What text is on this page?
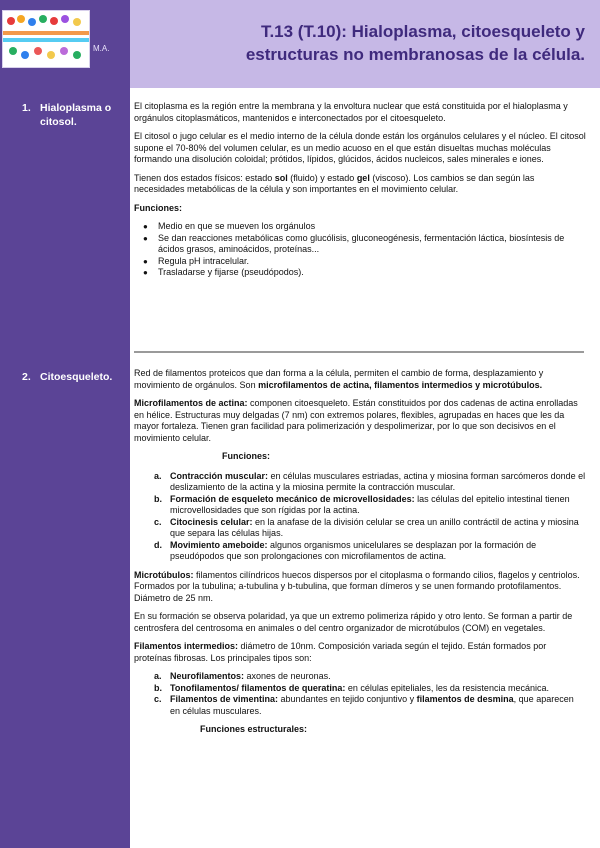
M.A.
T.13 (T.10): Hialoplasma, citoesqueleto y
estructuras no membranosas de la célula.
1. Hialoplasma o citosol.

El citoplasma es la región entre la membrana y la envoltura nuclear que está constituida por el hialoplasma y orgánulos citoplasmáticos, mantenidos e interconectados por el citoesqueleto.

El citosol o jugo celular es el medio interno de la célula donde están los orgánulos celulares y el núcleo. El citosol supone el 70-80% del volumen celular, es un medio acuoso en el que están disueltas muchas moléculas formando una disolución coloidal; prótidos, lípidos, glúcidos, ácidos nucleicos, sales minerales e iones.

Tienen dos estados físicos: estado sol (fluido) y estado gel (viscoso). Los cambios se dan según las necesidades metabólicas de la célula y son importantes en el movimiento celular.

Funciones:

● Medio en que se mueven los orgánulos
● Se dan reacciones metabólicas como glucólisis, gluconeogénesis, fermentación láctica, biosíntesis de ácidos grasos, aminoácidos, proteínas...
● Regula pH intracelular.
● Trasladarse y fijarse (pseudópodos).
2. Citoesqueleto.	Red de filamentos proteicos que dan forma a la célula, permiten el cambio de forma, desplazamiento y movimiento de orgánulos. Son microfilamentos de actina, filamentos intermedios y microtúbulos.

Microfilamentos de actina: componen citoesqueleto. Están constituidos por dos cadenas de actina enrolladas en hélice. Estructuras muy delgadas (7 nm) con extremos polares, flexibles, agrupadas en haces que les da mayor fortaleza. Tienen gran facilidad para polimerización y despolimerizar, por lo que son decisivos en el movimiento celular.

Funciones:

a. Contracción muscular: en células musculares estriadas, actina y miosina forman sarcómeros donde el deslizamiento de la actina y la miosina permite la contracción muscular.
b. Formación de esqueleto mecánico de microvellosidades: las células del epitelio intestinal tienen microvellosidades que son rígidas por la actina.
c. Citocinesis celular: en la anafase de la división celular se crea un anillo contráctil de actina y miosina que separa las células hijas.
d. Movimiento ameboide: algunos organismos unicelulares se desplazan por la formación de pseudópodos que son prolongaciones con microfilamentos de actina.

Microtúbulos: filamentos cilíndricos huecos dispersos por el citoplasma o formando cilios, flagelos y centriolos. Formados por la tubulina; a-tubulina y b-tubulina, que forman dímeros y se unen formando protofilamentos. Diámetro de 25 nm.

En su formación se observa polaridad, ya que un extremo polimeriza rápido y otro lento. Se forman a partir de centrosfera del centrosoma en animales o del centro organizador de microtúbulos (COM) en vegetales.

Filamentos intermedios: diámetro de 10nm. Composición variada según el tejido. Están formados por proteínas fibrosas. Los principales tipos son:

a. Neurofilamentos: axones de neuronas.
b. Tonofilamentos/ filamentos de queratina: en células epiteliales, les da resistencia mecánica.
c. Filamentos de vimentina: abundantes en tejido conjuntivo y filamentos de desmina, que aparecen en células musculares.

Funciones estructurales:
